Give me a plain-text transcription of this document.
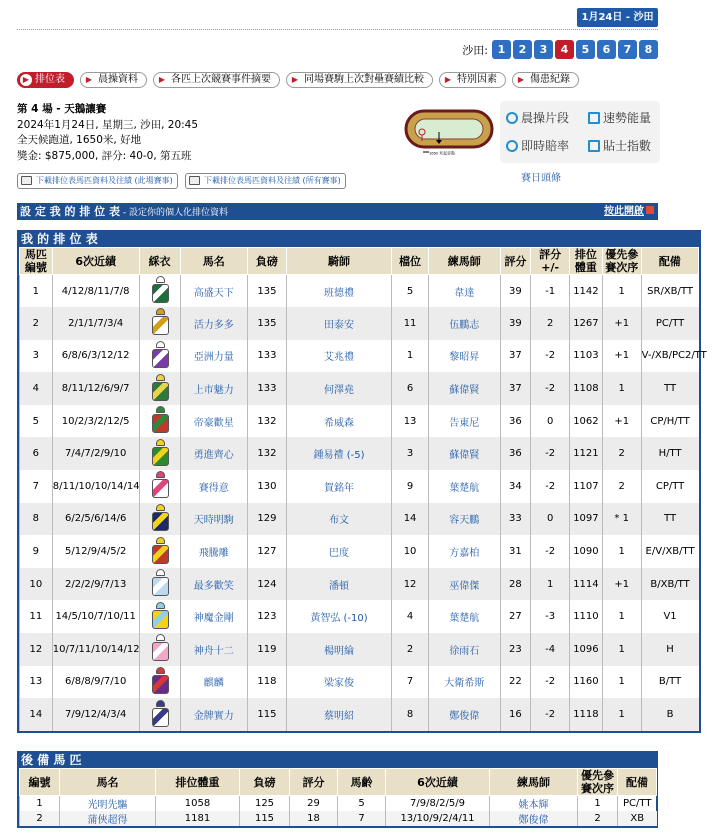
1月24日 - 沙田
沙田: 1	2	3	4	5	6	7	8
▶ 排位表	▶ 晨操資料	▶ 各匹上次競賽事件摘要	▶ 同場賽駒上次對壘賽績比較	▶ 特別因素	▶ 傷患紀錄
第 4 場 - 天鵝讓賽
2024年1月24日, 星期三, 沙田, 20:45
全天候跑道, 1650米, 好地
獎金: $875,000, 評分: 40-0, 第五班	1650 米起步點
晨操片段	速勢能量
即時賠率	貼士指數
賽日頭條
下載排位表馬匹資料及往績 (此場賽事)	下載排位表馬匹資料及往績 (所有賽事)
設 定 我 的 排 位 表 - 設定你的個人化排位資料	按此開啟
我 的 排 位 表
馬匹編號	6次近績	綵衣	馬名	負磅	騎師	檔位	練馬師	評分	評分+/-	排位體重	優先參賽次序	配備
1	4/12/8/11/7/8		高盛天下	135	班德禮	5	韋達	39	-1	1142	1	SR/XB/TT
2	2/1/1/7/3/4		活力多多	135	田泰安	11	伍鵬志	39	2	1267	+1	PC/TT
3	6/8/6/3/12/12		亞洲力量	133	艾兆禮	1	黎昭昇	37	-2	1103	+1	V-/XB/PC2/TT
4	8/11/12/6/9/7		上市魅力	133	何澤堯	6	蘇偉賢	37	-2	1108	1	TT
5	10/2/3/2/12/5		帝豪歡星	132	希威森	13	告東尼	36	0	1062	+1	CP/H/TT
6	7/4/7/2/9/10		勇進齊心	132	鍾易禮 (-5)	3	蘇偉賢	36	-2	1121	2	H/TT
7	8/11/10/10/14/14		賽得意	130	賀銘年	9	葉楚航	34	-2	1107	2	CP/TT
8	6/2/5/6/14/6		天時明駒	129	布文	14	容天鵬	33	0	1097	* 1	TT
9	5/12/9/4/5/2		飛騰雕	127	巴度	10	方嘉柏	31	-2	1090	1	E/V/XB/TT
10	2/2/2/9/7/13		最多歡笑	124	潘頓	12	巫偉傑	28	1	1114	+1	B/XB/TT
11	14/5/10/7/10/11		神魔金剛	123	黃智弘 (-10)	4	葉楚航	27	-3	1110	1	V1
12	10/7/11/10/14/12		神舟十二	119	楊明綸	2	徐雨石	23	-4	1096	1	H
13	6/8/8/9/7/10		麒麟	118	梁家俊	7	大衛希斯	22	-2	1160	1	B/TT
14	7/9/12/4/3/4		金牌實力	115	蔡明紹	8	鄭俊偉	16	-2	1118	1	B
後 備 馬 匹
編號	馬名	排位體重	負磅	評分	馬齡	6次近績	練馬師	優先參賽次序	配備
1	光明先驅	1058	125	29	5	7/9/8/2/5/9	姚本輝	1	PC/TT
2	蒲俠超得	1181	115	18	7	13/10/9/2/4/11	鄭俊偉	2	XB
